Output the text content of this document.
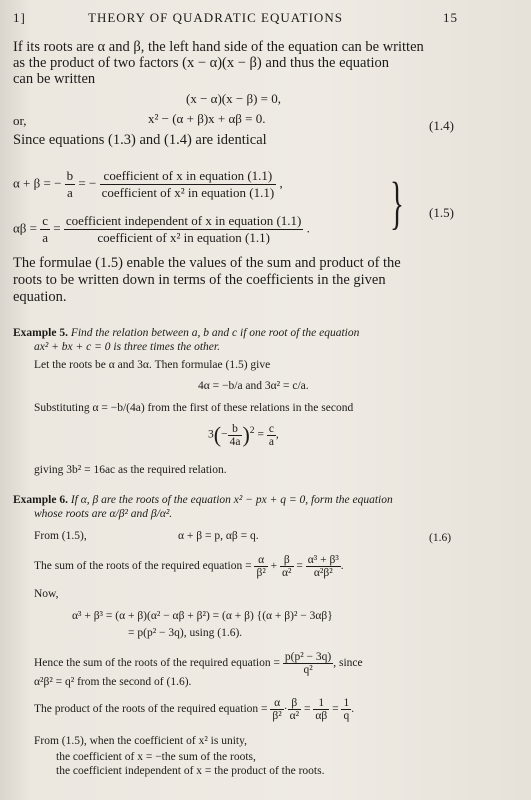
1]	THEORY OF QUADRATIC EQUATIONS	15
If its roots are α and β, the left hand side of the equation can be written
as the product of two factors (x − α)(x − β) and thus the equation
can be written
(x − α)(x − β) = 0,
or,	x² − (α + β)x + αβ = 0.	(1.4)
Since equations (1.3) and (1.4) are identical
α + β = − $\frac{b}{a}$ = − $\frac{\text{coefficient of x in equation (1.1)}}{\text{coefficient of x² in equation (1.1)}}$ ,
$\alpha\beta = \frac{c}{a} = \frac{\text{coefficient independent of x in equation (1.1)}}{\text{coefficient of x² in equation (1.1)}}$ . } (1.5)
The formulae (1.5) enable the values of the sum and product of the
roots to be written down in terms of the coefficients in the given
equation.
Example 5. Find the relation between a, b and c if one root of the equation
ax² + bx + c = 0 is three times the other.
Let the roots be α and 3α. Then formulae (1.5) give
4α = −b/a and 3α² = c/a.
Substituting α = −b/(4a) from the first of these relations in the second
$3(- \frac{b}{4a} )^2 = \frac{c}{a}$ ,
giving 3b² = 16ac as the required relation.
Example 6. If α, β are the roots of the equation x² − px + q = 0, form the equation
whose roots are α/β² and β/α².
From (1.5),	α + β = p, αβ = q.	(1.6)
The sum of the roots of the required equation = $\frac{\alpha}{\text{β²}} + \frac{\beta}{\text{α²}} = \frac{\text{α³ + β³}}{\text{α²β²}}$ .
Now,
α³ + β³ = (α + β)(α² − αβ + β²) = (α + β) {(α + β)² − 3αβ}
= p(p² − 3q), using (1.6).
Hence the sum of the roots of the required equation = $\frac{\text{p(p² − 3q)}}{\text{q²}}$ , since
α²β² = q² from the second of (1.6).
The product of the roots of the required equation = $\frac{\alpha}{\text{β²}} \cdot \frac{\beta}{\text{α²}} = \frac{1}{\alpha\beta} = \frac{1}{q}$ .
From (1.5), when the coefficient of x² is unity,
the coefficient of x = −the sum of the roots,
the coefficient independent of x = the product of the roots.
